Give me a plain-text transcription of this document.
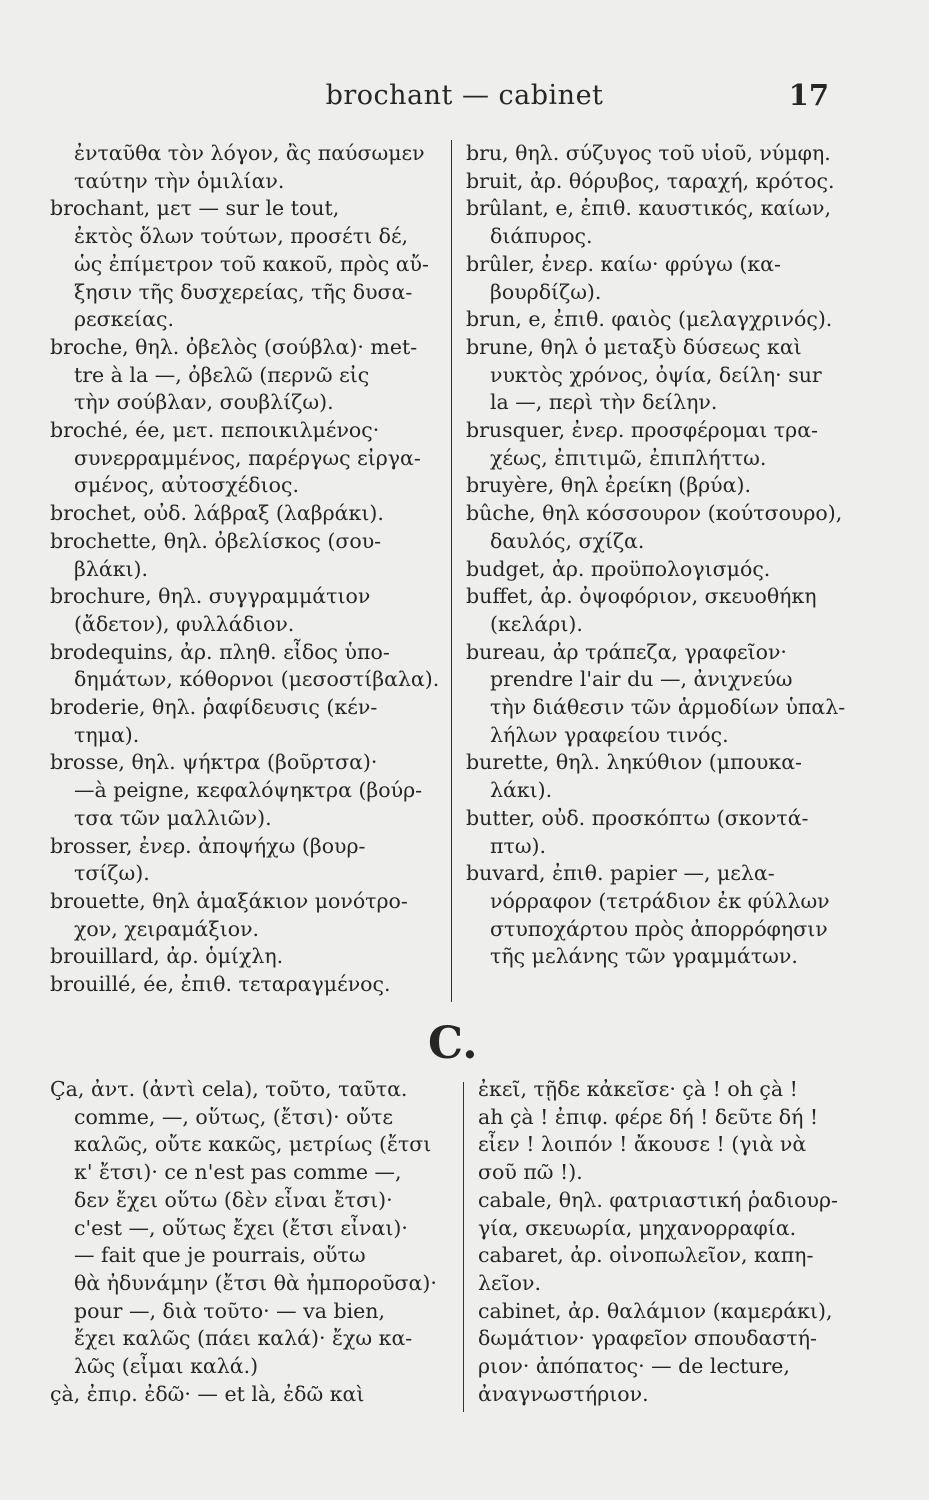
brochant — cabinet	17
ἐνταῦθα τὸν λόγον, ἂς παύσωμεν
ταύτην τὴν ὁμιλίαν.
brochant, μετ — sur le tout,
ἐκτὸς ὅλων τούτων, προσέτι δέ,
ὡς ἐπίμετρον τοῦ κακοῦ, πρὸς αὔ-
ξησιν τῆς δυσχερείας, τῆς δυσα-
ρεσκείας.
broche, θηλ. ὀβελὸς (σούβλα)· met-
tre à la —, ὀβελῶ (περνῶ εἰς
τὴν σούβλαν, σουβλίζω).
broché, ée, μετ. πεποικιλμένος·
συνερραμμένος, παρέργως εἰργα-
σμένος, αὐτοσχέδιος.
brochet, οὐδ. λάβραξ (λαβράκι).
brochette, θηλ. ὀβελίσκος (σου-
βλάκι).
brochure, θηλ. συγγραμμάτιον
(ἄδετον), φυλλάδιον.
brodequins, ἀρ. πληθ. εἶδος ὑπο-
δημάτων, κόθορνοι (μεσοστίβαλα).
broderie, θηλ. ῥαφίδευσις (κέν-
τημα).
brosse, θηλ. ψήκτρα (βοῦρτσα)·
—à peigne, κεφαλόψηκτρα (βούρ-
τσα τῶν μαλλιῶν).
brosser, ἐνερ. ἀποψήχω (βουρ-
τσίζω).
brouette, θηλ ἁμαξάκιον μονότρο-
χον, χειραμάξιον.
brouillard, ἀρ. ὁμίχλη.
brouillé, ée, ἐπιθ. τεταραγμένος.
bru, θηλ. σύζυγος τοῦ υἱοῦ, νύμφη.
bruit, ἀρ. θόρυβος, ταραχή, κρότος.
brûlant, e, ἐπιθ. καυστικός, καίων,
διάπυρος.
brûler, ἐνερ. καίω· φρύγω (κα-
βουρδίζω).
brun, e, ἐπιθ. φαιὸς (μελαγχρινός).
brune, θηλ ὁ μεταξὺ δύσεως καὶ
νυκτὸς χρόνος, ὀψία, δείλη· sur
la —, περὶ τὴν δείλην.
brusquer, ἐνερ. προσφέρομαι τρα-
χέως, ἐπιτιμῶ, ἐπιπλήττω.
bruyère, θηλ ἐρείκη (βρύα).
bûche, θηλ κόσσουρον (κούτσουρο),
δαυλός, σχίζα.
budget, ἀρ. προϋπολογισμός.
buffet, ἀρ. ὀψοφόριον, σκευοθήκη
(κελάρι).
bureau, ἀρ τράπεζα, γραφεῖον·
prendre l'air du —, ἀνιχνεύω
τὴν διάθεσιν τῶν ἁρμοδίων ὑπαλ-
λήλων γραφείου τινός.
burette, θηλ. ληκύθιον (μπουκα-
λάκι).
butter, οὐδ. προσκόπτω (σκοντά-
πτω).
buvard, ἐπιθ. papier —, μελα-
νόρραφον (τετράδιον ἐκ φύλλων
στυποχάρτου πρὸς ἀπορρόφησιν
τῆς μελάνης τῶν γραμμάτων.
C.
Ça, ἀντ. (ἀντὶ cela), τοῦτο, ταῦτα.
comme, —, οὕτως, (ἔτσι)· οὔτε
καλῶς, οὔτε κακῶς, μετρίως (ἔτσι
κ' ἔτσι)· ce n'est pas comme —,
δεν ἔχει οὕτω (δὲν εἶναι ἔτσι)·
c'est —, οὕτως ἔχει (ἔτσι εἶναι)·
— fait que je pourrais, οὕτω
θὰ ἠδυνάμην (ἔτσι θὰ ἠμποροῦσα)·
pour —, διὰ τοῦτο· — va bien,
ἔχει καλῶς (πάει καλά)· ἔχω κα-
λῶς (εἶμαι καλά.)
çà, ἐπιρ. ἐδῶ· — et là, ἐδῶ καὶ
ἐκεῖ, τῇδε κἀκεῖσε· çà ! oh çà !
ah çà ! ἐπιφ. φέρε δή ! δεῦτε δή !
εἶεν ! λοιπόν ! ἄκουσε ! (γιὰ νὰ
σοῦ πῶ !).
cabale, θηλ. φατριαστική ῥαδιουρ-
γία, σκευωρία, μηχανορραφία.
cabaret, ἀρ. οἰνοπωλεῖον, καπη-
λεῖον.
cabinet, ἀρ. θαλάμιον (καμεράκι),
δωμάτιον· γραφεῖον σπουδαστή-
ριον· ἀπόπατος· — de lecture,
ἀναγνωστήριον.
